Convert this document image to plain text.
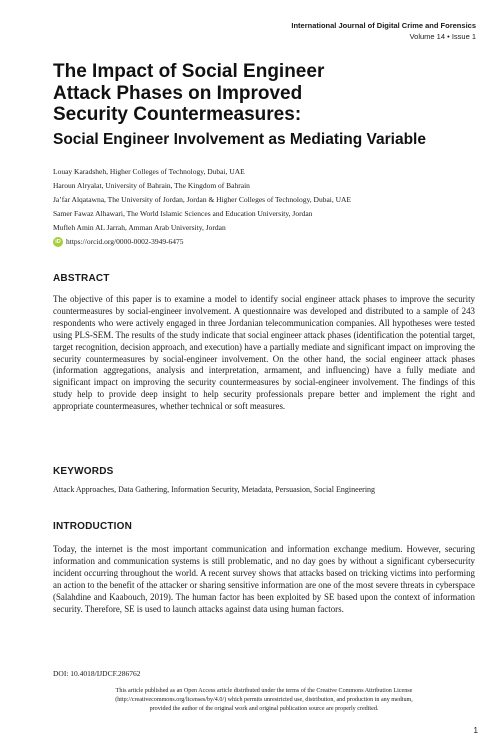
International Journal of Digital Crime and Forensics
Volume 14 • Issue 1
The Impact of Social Engineer
Attack Phases on Improved
Security Countermeasures:
Social Engineer Involvement as Mediating Variable
Louay Karadsheh, Higher Colleges of Technology, Dubai, UAE
Haroun Alryalat, University of Bahrain, The Kingdom of Bahrain
Ja’far Alqatawna, The University of Jordan, Jordan & Higher Colleges of Technology, Dubai, UAE
Samer Fawaz Alhawari, The World Islamic Sciences and Education University, Jordan
Mufleh Amin AL Jarrah, Amman Arab University, Jordan
iD https://orcid.org/0000-0002-3949-6475
ABSTRACT

The objective of this paper is to examine a model to identify social engineer attack phases to improve the security countermeasures by social-engineer involvement. A questionnaire was developed and distributed to a sample of 243 respondents who were actively engaged in three Jordanian telecommunication companies. All hypotheses were tested using PLS-SEM. The results of the study indicate that social engineer attack phases (identification the potential target, target recognition, decision approach, and execution) have a partially mediate and significant impact on improving the security countermeasures by social-engineer involvement. On the other hand, the social engineer attack phases (information aggregations, analysis and interpretation, armament, and influencing) have a fully mediate and significant impact on improving the security countermeasures by social-engineer involvement. The findings of this study help to provide deep insight to help security professionals prepare better and implement the right and appropriate countermeasures, whether technical or soft measures.

KEYWORDS
Attack Approaches, Data Gathering, Information Security, Metadata, Persuasion, Social Engineering
INTRODUCTION

Today, the internet is the most important communication and information exchange medium. However, securing information and communication systems is still problematic, and no day goes by without a significant cybersecurity incident occurring throughout the world. A recent survey shows that attacks based on tricking victims into performing an action to the benefit of the attacker or sharing sensitive information are one of the most severe threats in cyberspace (Salahdine and Kaabouch, 2019). The human factor has been exploited by SE based upon the context of information security. Therefore, SE is used to launch attacks against data using human factors.

DOI: 10.4018/IJDCF.286762
This article published as an Open Access article distributed under the terms of the Creative Commons Attribution License
(http://creativecommons.org/licenses/by/4.0/) which permits unrestricted use, distribution, and production in any medium,
provided the author of the original work and original publication source are properly credited.
1
